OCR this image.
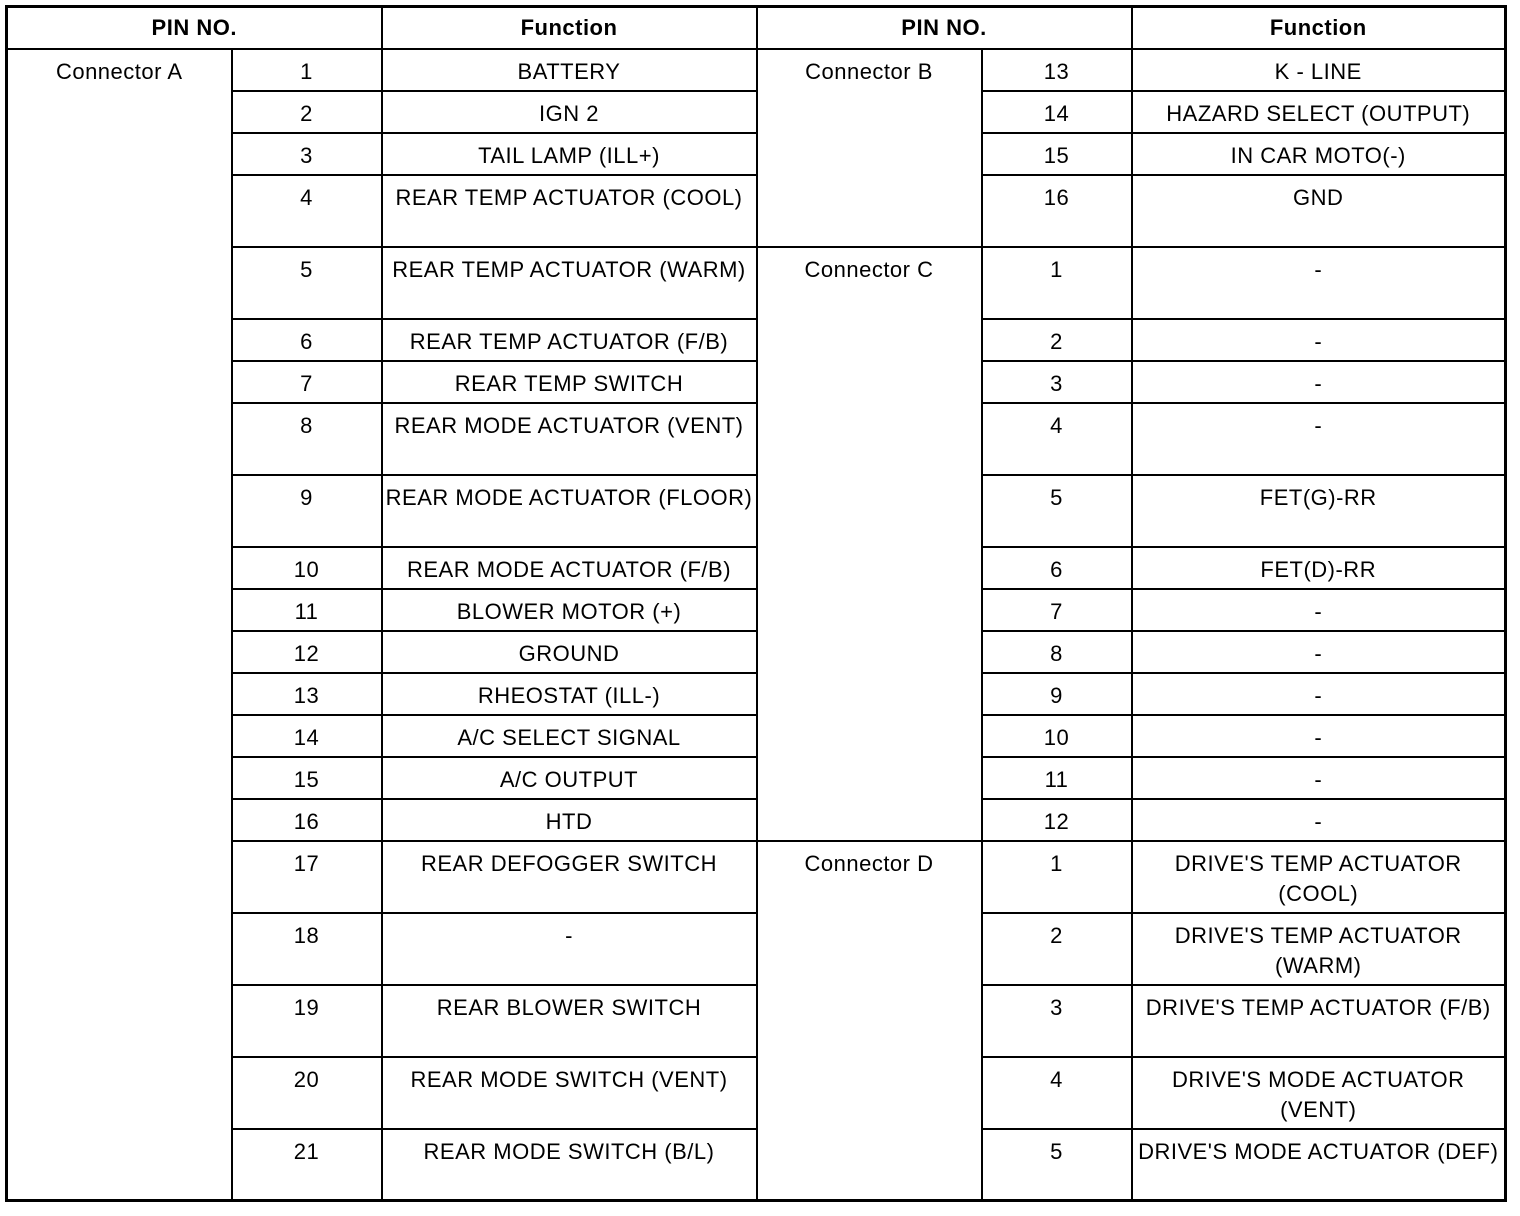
PIN NO.		Function	PIN NO.		Function
Connector A	1	BATTERY	Connector B	13	K - LINE
	2	IGN 2		14	HAZARD SELECT (OUTPUT)
	3	TAIL LAMP (ILL+)		15	IN CAR MOTO(-)
	4	REAR TEMP ACTUATOR (COOL)		16	GND
	5	REAR TEMP ACTUATOR (WARM)	Connector C	1	-
	6	REAR TEMP ACTUATOR (F/B)		2	-
	7	REAR TEMP SWITCH		3	-
	8	REAR MODE ACTUATOR (VENT)		4	-
	9	REAR MODE ACTUATOR (FLOOR)		5	FET(G)-RR
	10	REAR MODE ACTUATOR (F/B)		6	FET(D)-RR
	11	BLOWER MOTOR (+)		7	-
	12	GROUND		8	-
	13	RHEOSTAT (ILL-)		9	-
	14	A/C SELECT SIGNAL		10	-
	15	A/C OUTPUT		11	-
	16	HTD		12	-
	17	REAR DEFOGGER SWITCH	Connector D	1	DRIVE'S TEMP ACTUATOR (COOL)
	18	-		2	DRIVE'S TEMP ACTUATOR (WARM)
	19	REAR BLOWER SWITCH		3	DRIVE'S TEMP ACTUATOR (F/B)
	20	REAR MODE SWITCH (VENT)		4	DRIVE'S MODE ACTUATOR (VENT)
	21	REAR MODE SWITCH (B/L)		5	DRIVE'S MODE ACTUATOR (DEF)
